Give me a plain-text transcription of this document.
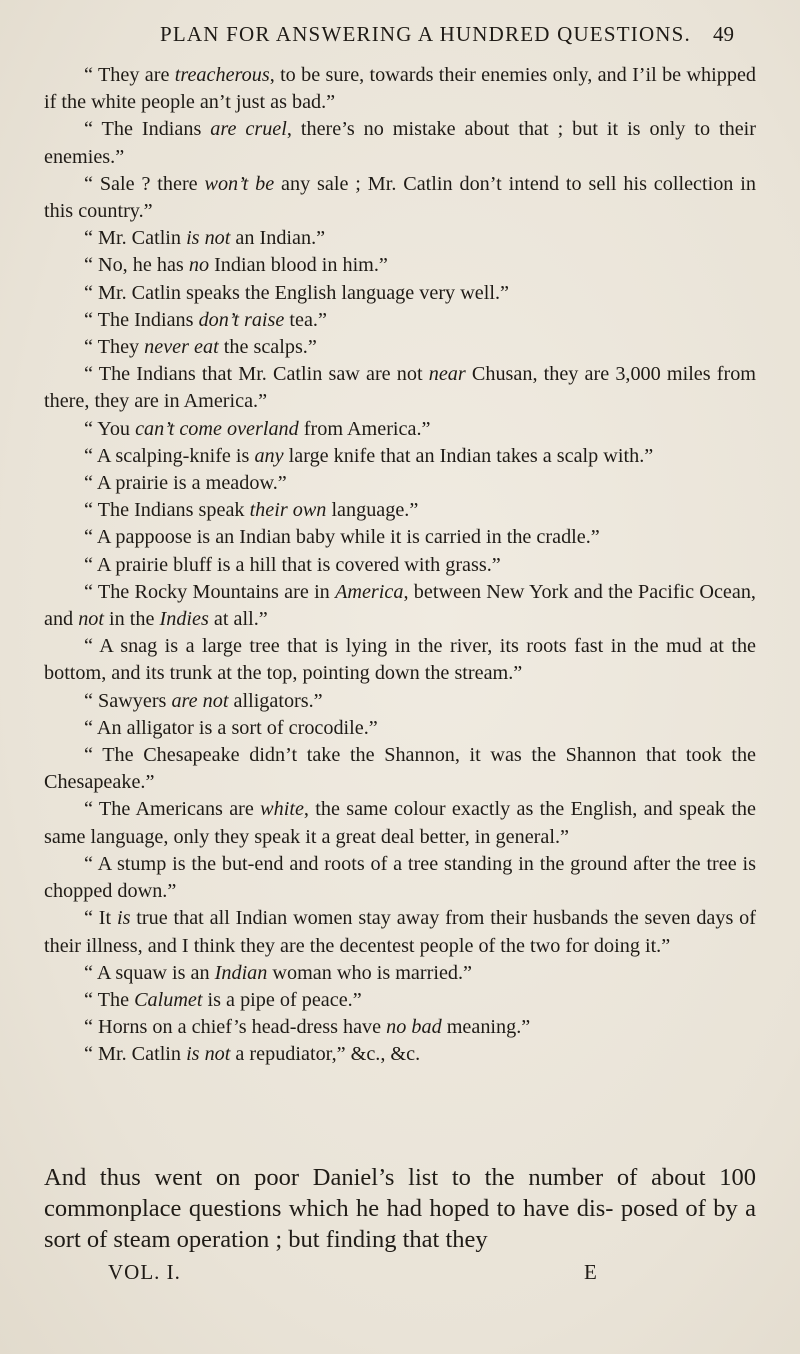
PLAN FOR ANSWERING A HUNDRED QUESTIONS. 49

“ They are treacherous, to be sure, towards their enemies only, and I’il be whipped if the white people an’t just as bad.”

“ The Indians are cruel, there’s no mistake about that ; but it is only to their enemies.”

“ Sale ? there won’t be any sale ; Mr. Catlin don’t intend to sell his collection in this country.”

“ Mr. Catlin is not an Indian.”

“ No, he has no Indian blood in him.”

“ Mr. Catlin speaks the English language very well.”

“ The Indians don’t raise tea.”

“ They never eat the scalps.”

“ The Indians that Mr. Catlin saw are not near Chusan, they are 3,000 miles from there, they are in America.”

“ You can’t come overland from America.”

“ A scalping-knife is any large knife that an Indian takes a scalp with.”

“ A prairie is a meadow.”

“ The Indians speak their own language.”

“ A pappoose is an Indian baby while it is carried in the cradle.”

“ A prairie bluff is a hill that is covered with grass.”

“ The Rocky Mountains are in America, between New York and the Pacific Ocean, and not in the Indies at all.”

“ A snag is a large tree that is lying in the river, its roots fast in the mud at the bottom, and its trunk at the top, pointing down the stream.”

“ Sawyers are not alligators.”

“ An alligator is a sort of crocodile.”

“ The Chesapeake didn’t take the Shannon, it was the Shannon that took the Chesapeake.”

“ The Americans are white, the same colour exactly as the English, and speak the same language, only they speak it a great deal better, in general.”

“ A stump is the but-end and roots of a tree standing in the ground after the tree is chopped down.”

“ It is true that all Indian women stay away from their husbands the seven days of their illness, and I think they are the decentest people of the two for doing it.”

“ A squaw is an Indian woman who is married.”

“ The Calumet is a pipe of peace.”

“ Horns on a chief’s head-dress have no bad meaning.”

“ Mr. Catlin is not a repudiator,” &c., &c.

And thus went on poor Daniel’s list to the number of about 100 commonplace questions which he had hoped to have dis- posed of by a sort of steam operation ; but finding that they

VOL. I.	E
